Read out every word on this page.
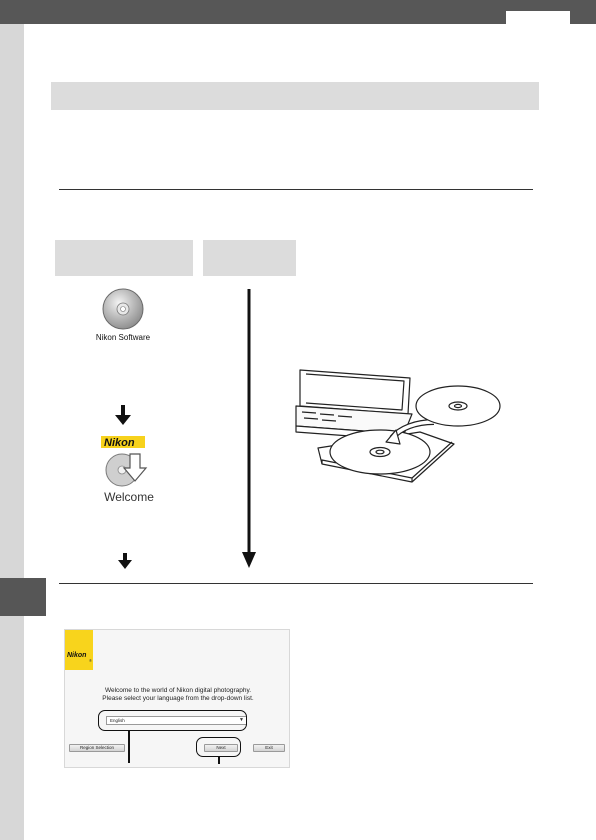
Nikon Software
Nikon
Welcome
Nikon
®
Welcome to the world of Nikon digital photography.
Please select your language from the drop-down list.
English	▼
Region Selection	Next	Exit
